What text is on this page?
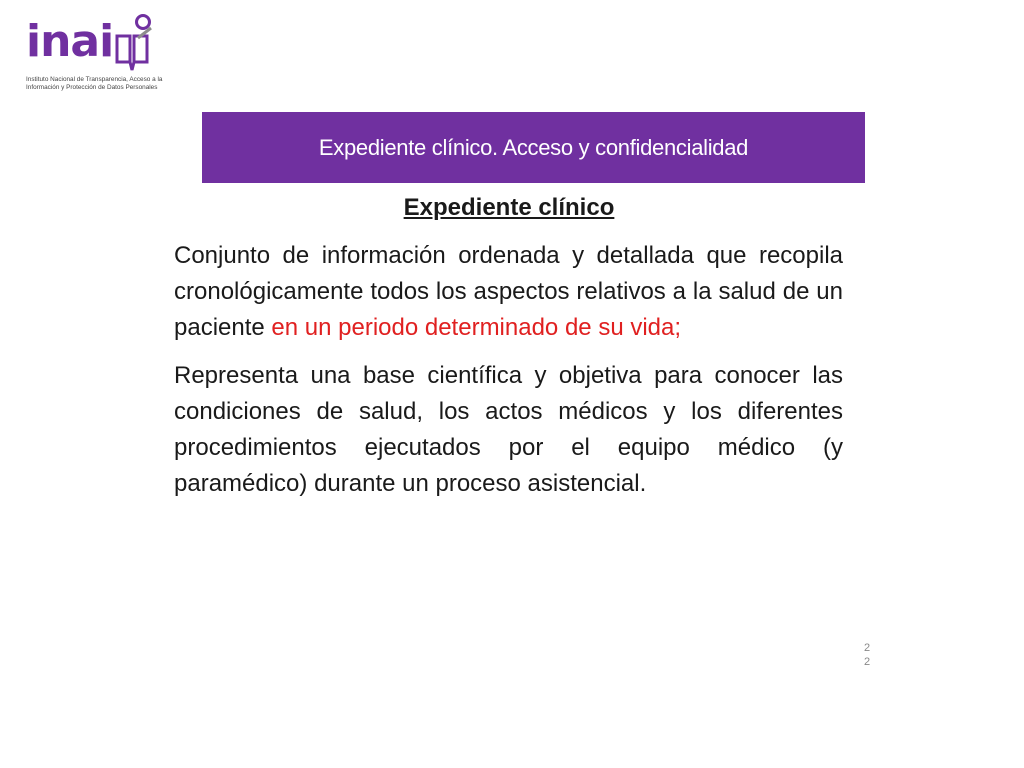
inai
Instituto Nacional de Transparencia, Acceso a la
Información y Protección de Datos Personales
Expediente clínico. Acceso y confidencialidad
Expediente clínico

Conjunto de información ordenada y detallada que recopila cronológicamente todos los aspectos relativos a la salud de un paciente en un periodo determinado de su vida;

Representa una base científica y objetiva para conocer las condiciones de salud, los actos médicos y los diferentes procedimientos ejecutados por el equipo médico (y paramédico) durante un proceso asistencial.

2
2
